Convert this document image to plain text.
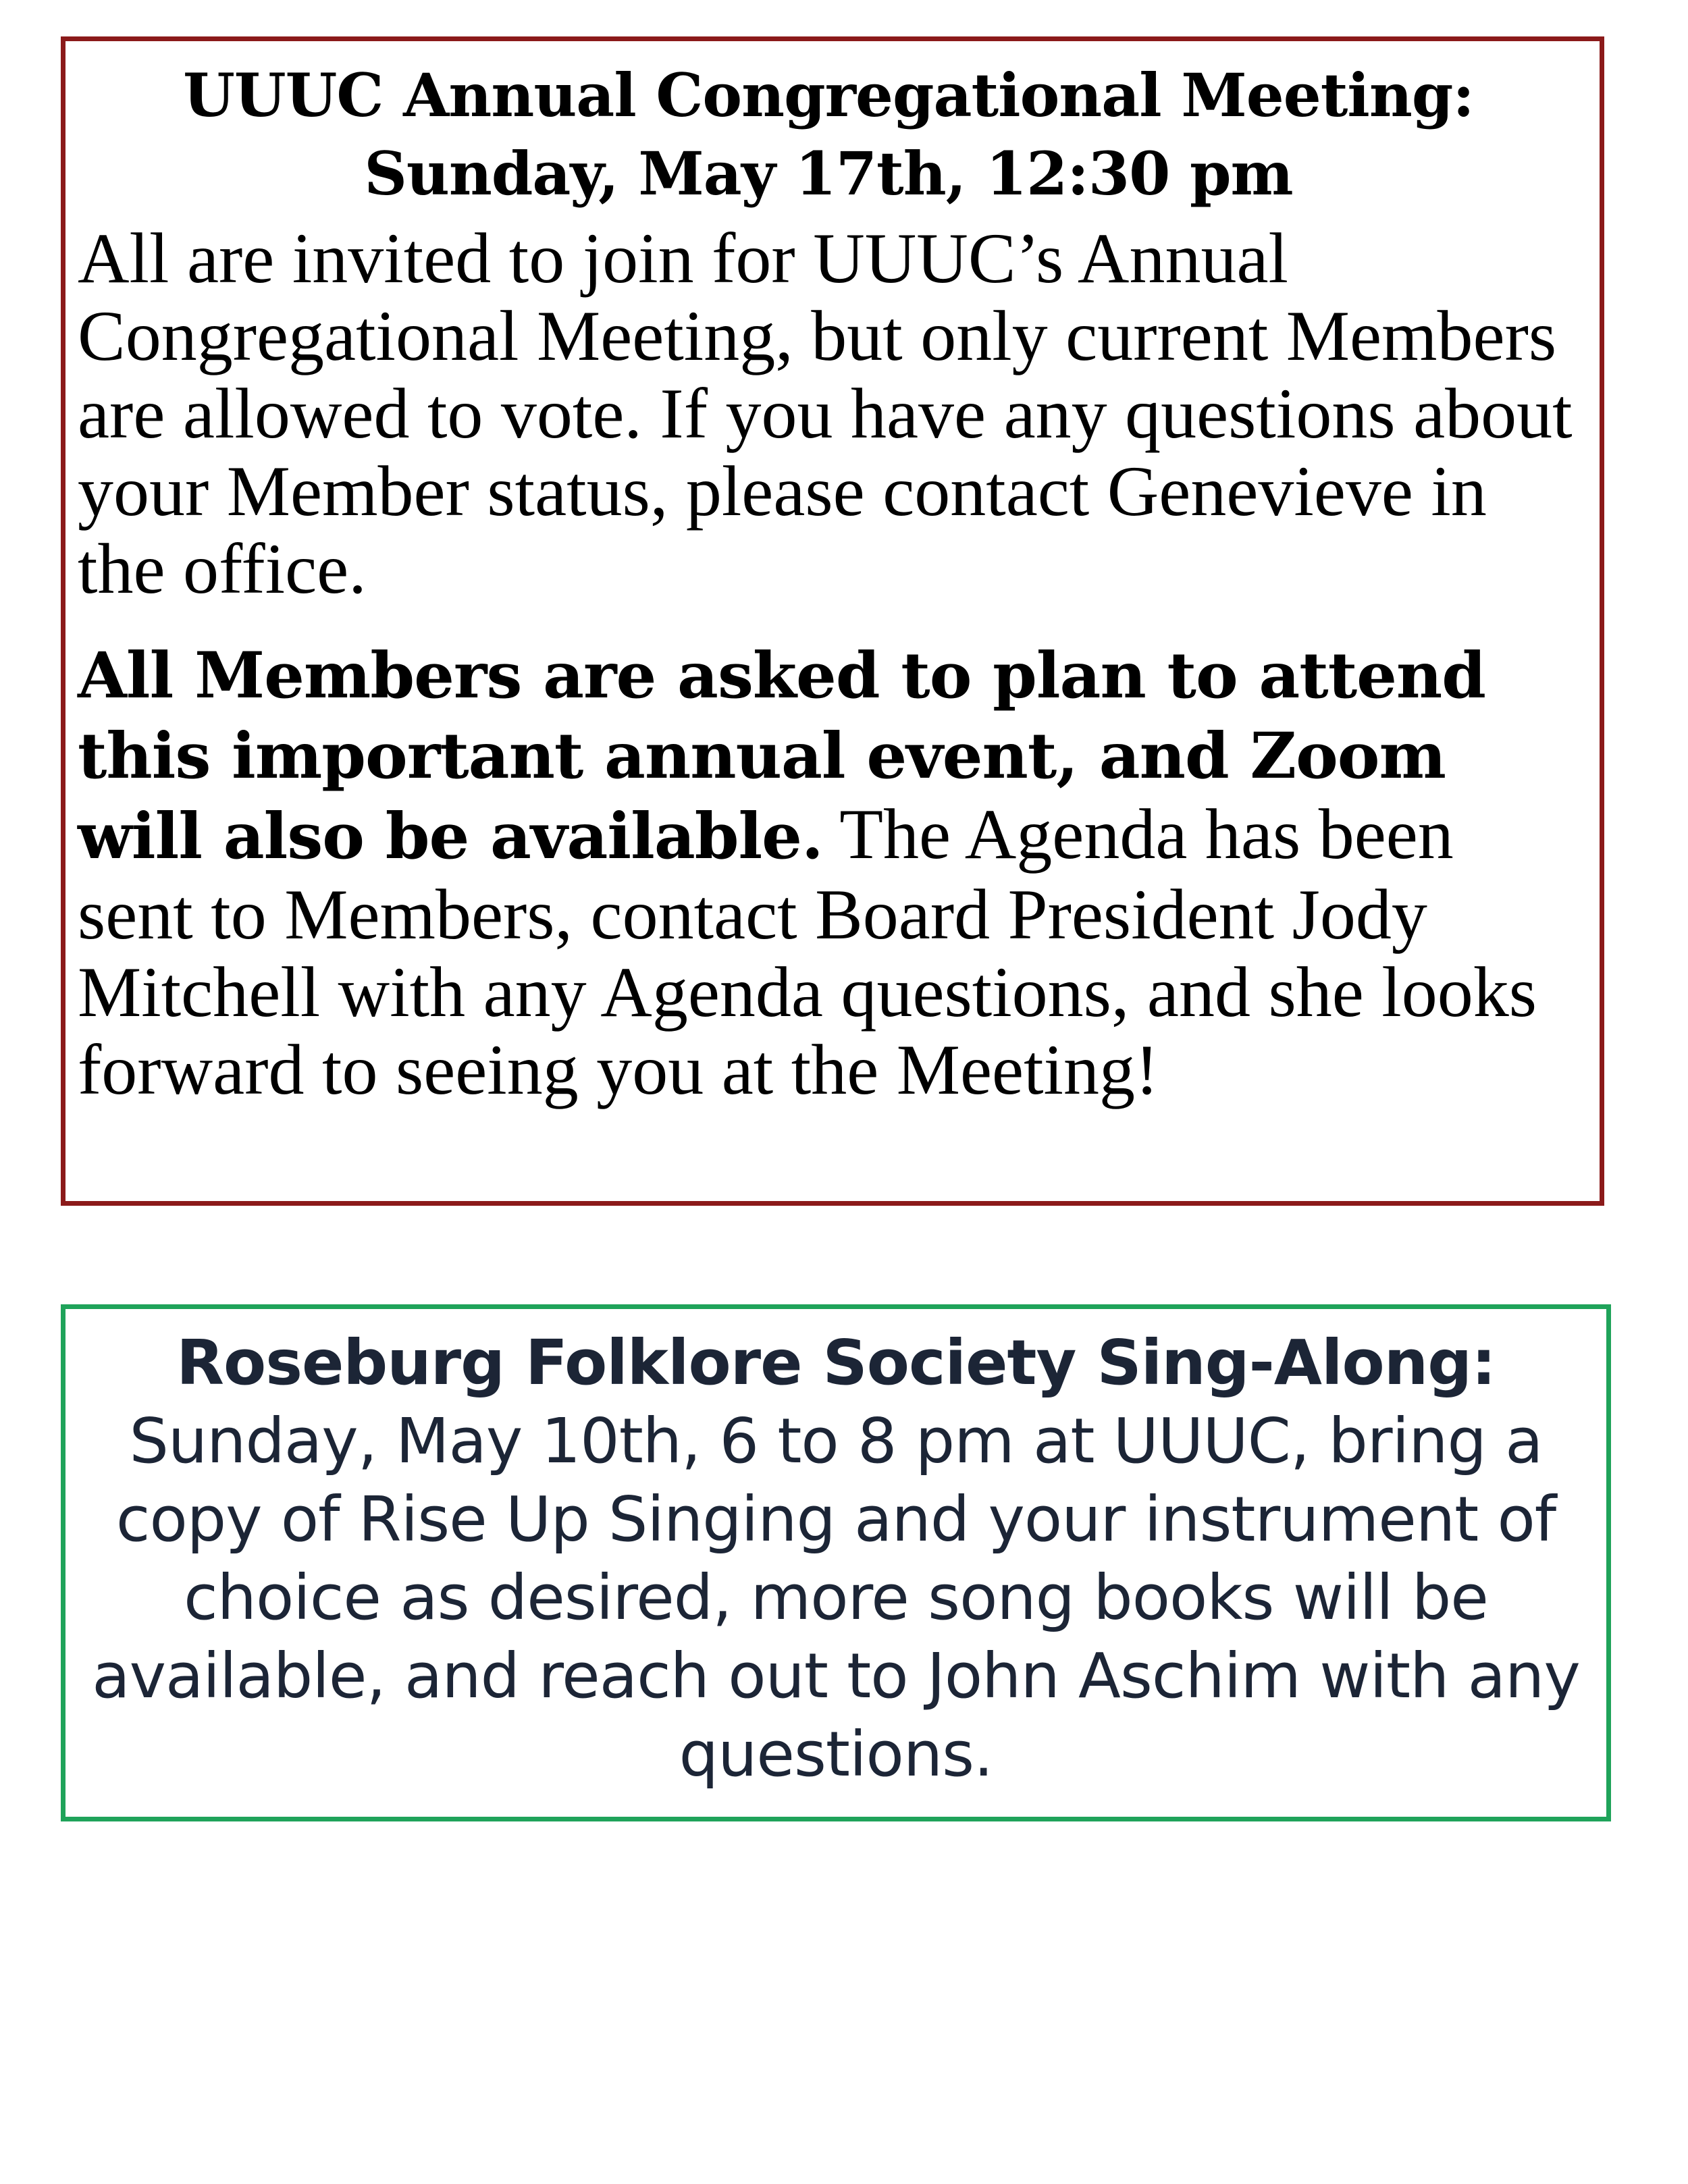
UUUC Annual Congregational Meeting:
Sunday, May 17th, 12:30 pm

All are invited to join for UUUC’s Annual Congregational Meeting, but only current Members are allowed to vote. If you have any questions about your Member status, please contact Genevieve in the office.

All Members are asked to plan to attend this important annual event, and Zoom will also be available. The Agenda has been sent to Members, contact Board President Jody Mitchell with any Agenda questions, and she looks forward to seeing you at the Meeting!

Roseburg Folklore Society Sing-Along:

Sunday, May 10th, 6 to 8 pm at UUUC, bring a copy of Rise Up Singing and your instrument of choice as desired, more song books will be available, and reach out to John Aschim with any questions.
